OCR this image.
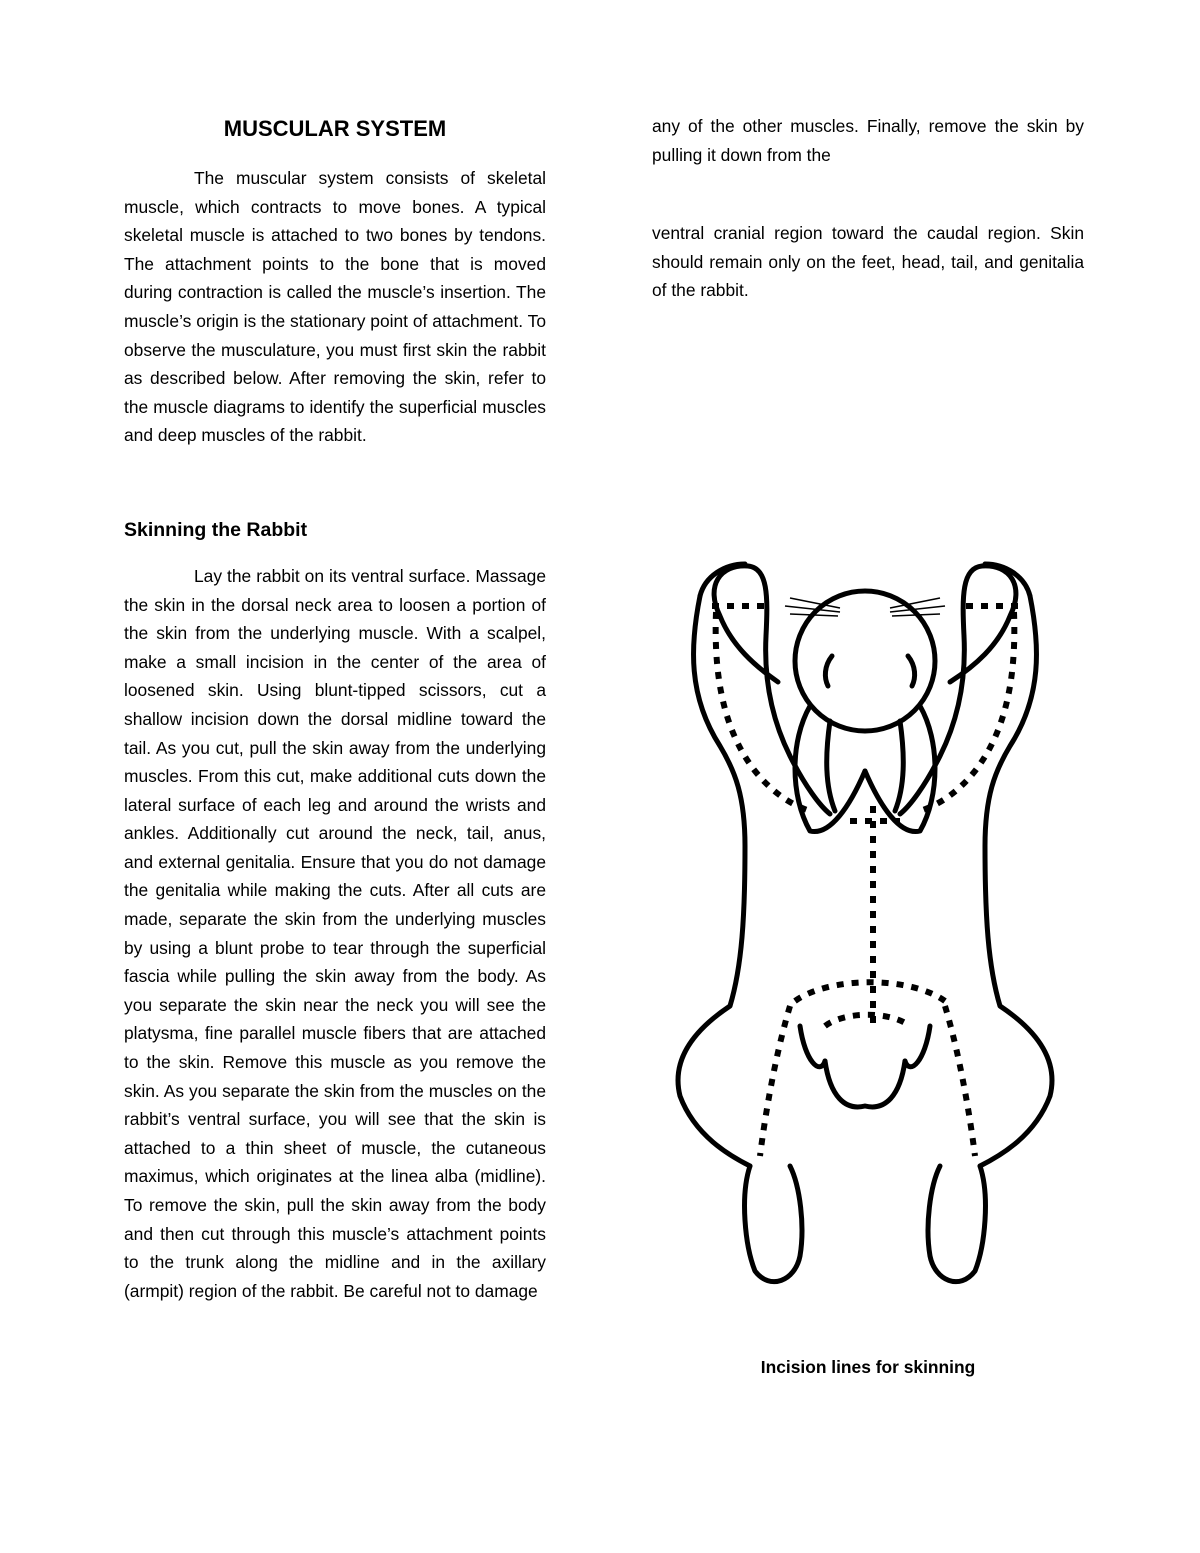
MUSCULAR SYSTEM

The muscular system consists of skeletal muscle, which contracts to move bones. A typical skeletal muscle is attached to two bones by tendons. The attachment points to the bone that is moved during contraction is called the muscle’s insertion. The muscle’s origin is the stationary point of attachment. To observe the musculature, you must first skin the rabbit as described below. After removing the skin, refer to the muscle diagrams to identify the superficial muscles and deep muscles of the rabbit.

Skinning the Rabbit

Lay the rabbit on its ventral surface. Massage the skin in the dorsal neck area to loosen a portion of the skin from the underlying muscle. With a scalpel, make a small incision in the center of the area of loosened skin. Using blunt-tipped scissors, cut a shallow incision down the dorsal midline toward the tail. As you cut, pull the skin away from the underlying muscles. From this cut, make additional cuts down the lateral surface of each leg and around the wrists and ankles. Additionally cut around the neck, tail, anus, and external genitalia. Ensure that you do not damage the genitalia while making the cuts. After all cuts are made, separate the skin from the underlying muscles by using a blunt probe to tear through the superficial fascia while pulling the skin away from the body. As you separate the skin near the neck you will see the platysma, fine parallel muscle fibers that are attached to the skin. Remove this muscle as you remove the skin. As you separate the skin from the muscles on the rabbit’s ventral surface, you will see that the skin is attached to a thin sheet of muscle, the cutaneous maximus, which originates at the linea alba (midline). To remove the skin, pull the skin away from the body and then cut through this muscle’s attachment points to the trunk along the midline and in the axillary (armpit) region of the rabbit. Be careful not to damage

any of the other muscles. Finally, remove the skin by pulling it down from the

ventral cranial region toward the caudal region. Skin should remain only on the feet, head, tail, and genitalia of the rabbit.

Incision lines for skinning
